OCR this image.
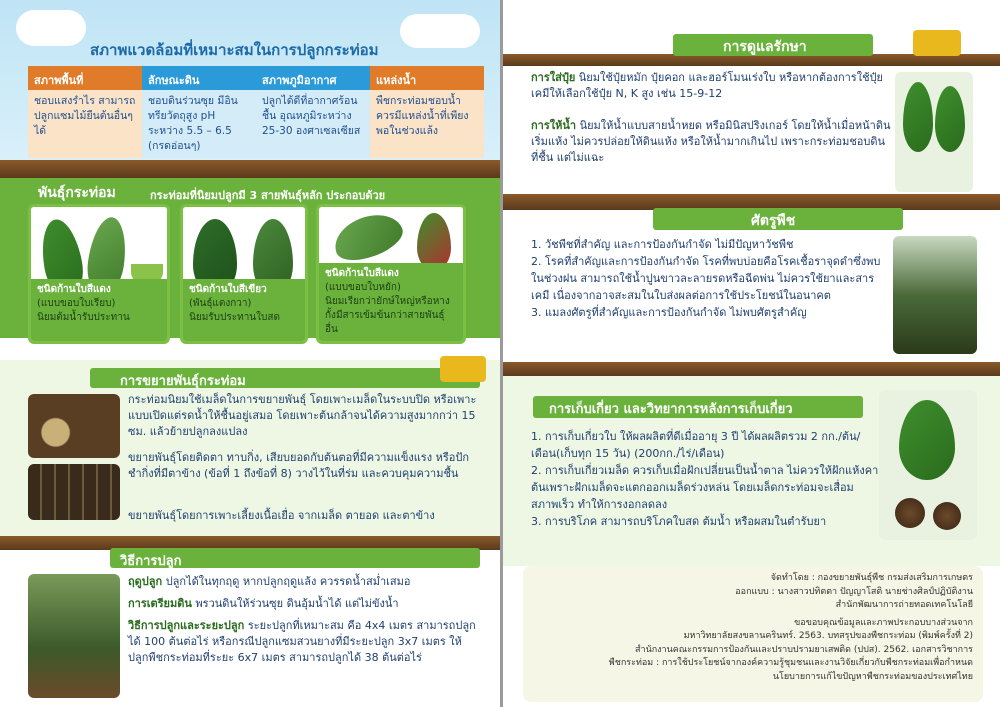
สภาพแวดล้อมที่เหมาะสมในการปลูกกระท่อม
สภาพพื้นที่
ชอบแสงรำไร สามารถปลูกแซมไม้ยืนต้นอื่นๆได้
ลักษณะดิน
ชอบดินร่วนซุย มีอินทรียวัตถุสูง pH ระหว่าง 5.5 – 6.5 (กรดอ่อนๆ)
สภาพภูมิอากาศ
ปลูกได้ดีที่อากาศร้อนชื้น อุณหภูมิระหว่าง 25-30 องศาเซลเซียส
แหล่งน้ำ
พืชกระท่อมชอบน้ำ ควรมีแหล่งน้ำที่เพียงพอในช่วงแล้ง
พันธุ์กระท่อม	กระท่อมที่นิยมปลูกมี 3 สายพันธุ์หลัก ประกอบด้วย
ชนิดก้านใบสีแดง
(แบบขอบใบเรียบ)
นิยมต้มน้ำรับประทาน
ชนิดก้านใบสีเขียว
(พันธุ์แตงกวา)
นิยมรับประทานใบสด
ชนิดก้านใบสีแดง
(แบบขอบใบหยัก)
นิยมเรียกว่ายักษ์ใหญ่หรือหางกั้งมีสารเข้มข้นกว่าสายพันธุ์อื่น
การขยายพันธุ์กระท่อม
กระท่อมนิยมใช้เมล็ดในการขยายพันธุ์ โดยเพาะเมล็ดในระบบปิด หรือเพาะแบบเปิดแต่รดน้ำให้ชื้นอยู่เสมอ โดยเพาะต้นกล้าจนได้ความสูงมากกว่า 15 ซม. แล้วย้ายปลูกลงแปลง
ขยายพันธุ์โดยติดตา ทาบกิ่ง, เสียบยอดกับต้นตอที่มีความแข็งแรง หรือปักชำกิ่งที่มีตาข้าง (ข้อที่ 1 ถึงข้อที่ 8) วางไว้ในที่ร่ม และควบคุมความชื้น
ขยายพันธุ์โดยการเพาะเลี้ยงเนื้อเยื่อ จากเมล็ด ตายอด และตาข้าง
วิธีการปลูก
ฤดูปลูก ปลูกได้ในทุกฤดู หากปลูกฤดูแล้ง ควรรดน้ำสม่ำเสมอ
การเตรียมดิน พรวนดินให้ร่วนซุย ดินอุ้มน้ำได้ แต่ไม่ขังน้ำ
วิธีการปลูกและระยะปลูก ระยะปลูกที่เหมาะสม คือ 4x4 เมตร สามารถปลูกได้ 100 ต้นต่อไร่ หรือกรณีปลูกแซมสวนยางที่มีระยะปลูก 3x7 เมตร ให้ปลูกพืชกระท่อมที่ระยะ 6x7 เมตร สามารถปลูกได้ 38 ต้นต่อไร่
การดูแลรักษา
การใส่ปุ๋ย นิยมใช้ปุ๋ยหมัก ปุ๋ยคอก และฮอร์โมนเร่งใบ หรือหากต้องการใช้ปุ๋ยเคมีให้เลือกใช้ปุ๋ย N, K สูง เช่น 15-9-12
การให้น้ำ นิยมให้น้ำแบบสายน้ำหยด หรือมินิสปริงเกอร์ โดยให้น้ำเมื่อหน้าดินเริ่มแห้ง ไม่ควรปล่อยให้ดินแห้ง หรือให้น้ำมากเกินไป เพราะกระท่อมชอบดินที่ชื้น แต่ไม่แฉะ
ศัตรูพืช
1. วัชพืชที่สำคัญ และการป้องกันกำจัด ไม่มีปัญหาวัชพืช
2. โรคที่สำคัญและการป้องกันกำจัด โรคที่พบบ่อยคือโรคเชื้อราจุดดำซึ่งพบในช่วงฝน สามารถใช้น้ำปูนขาวละลายรดหรือฉีดพ่น ไม่ควรใช้ยาและสารเคมี เนื่องจากอาจสะสมในใบส่งผลต่อการใช้ประโยชน์ในอนาคต
3. แมลงศัตรูที่สำคัญและการป้องกันกำจัด ไม่พบศัตรูสำคัญ
การเก็บเกี่ยว และวิทยาการหลังการเก็บเกี่ยว
1. การเก็บเกี่ยวใบ ให้ผลผลิตที่ดีเมื่ออายุ 3 ปี ได้ผลผลิตรวม 2 กก./ต้น/เดือน(เก็บทุก 15 วัน) (200กก./ไร่/เดือน)
2. การเก็บเกี่ยวเมล็ด ควรเก็บเมื่อฝักเปลี่ยนเป็นน้ำตาล ไม่ควรให้ฝักแห้งคาต้นเพราะฝักเมล็ดจะแตกออกเมล็ดร่วงหล่น โดยเมล็ดกระท่อมจะเสื่อมสภาพเร็ว ทำให้การงอกลดลง
3. การบริโภค สามารถบริโภคใบสด ต้มน้ำ หรือผสมในตำรับยา
จัดทำโดย : กองขยายพันธุ์พืช กรมส่งเสริมการเกษตร
ออกแบบ : นางสาวปทิตตา ปัญญาโสติ นายช่างศิลป์ปฏิบัติงาน
สำนักพัฒนาการถ่ายทอดเทคโนโลยี
ขอขอบคุณข้อมูลและภาพประกอบบางส่วนจาก
มหาวิทยาลัยสงขลานครินทร์. 2563. บทสรุปของพืชกระท่อม (พิมพ์ครั้งที่ 2)
สำนักงานคณะกรรมการป้องกันและปราบปรามยาเสพติด (ปปส). 2562. เอกสารวิชาการ
พืชกระท่อม : การใช้ประโยชน์จากองค์ความรู้ชุมชนและงานวิจัยเกี่ยวกับพืชกระท่อมเพื่อกำหนด
นโยบายการแก้ไขปัญหาพืชกระท่อมของประเทศไทย
